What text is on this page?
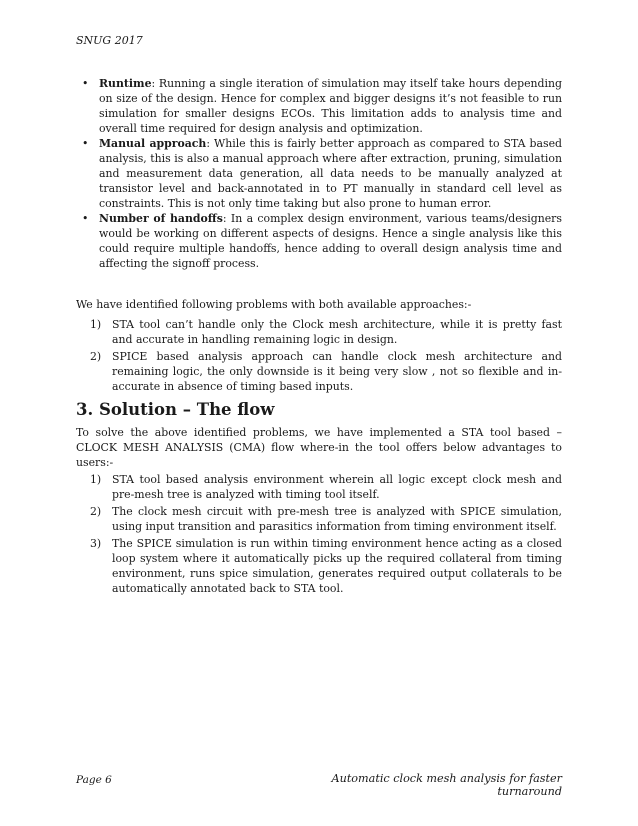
SNUG 2017
• Runtime: Running a single iteration of simulation may itself take hours depending on size of the design. Hence for complex and bigger designs it’s not feasible to run simulation for smaller designs ECOs. This limitation adds to analysis time and overall time required for design analysis and optimization.
• Manual approach: While this is fairly better approach as compared to STA based analysis, this is also a manual approach where after extraction, pruning, simulation and measurement data generation, all data needs to be manually analyzed at transistor level and back-annotated in to PT manually in standard cell level as constraints. This is not only time taking but also prone to human error.
• Number of handoffs: In a complex design environment, various teams/designers would be working on different aspects of designs. Hence a single analysis like this could require multiple handoffs, hence adding to overall design analysis time and affecting the signoff process.

We have identified following problems with both available approaches:-

1) STA tool can’t handle only the Clock mesh architecture, while it is pretty fast and accurate in handling remaining logic in design.
2) SPICE based analysis approach can handle clock mesh architecture and remaining logic, the only downside is it being very slow , not so flexible and in-accurate in absence of timing based inputs.
3. Solution – The flow

To solve the above identified problems, we have implemented a STA tool based – CLOCK MESH ANALYSIS (CMA) flow where-in the tool offers below advantages to users:-

1) STA tool based analysis environment wherein all logic except clock mesh and pre-mesh tree is analyzed with timing tool itself.
2) The clock mesh circuit with pre-mesh tree is analyzed with SPICE simulation, using input transition and parasitics information from timing environment itself.
3) The SPICE simulation is run within timing environment hence acting as a closed loop system where it automatically picks up the required collateral from timing environment, runs spice simulation, generates required output collaterals to be automatically annotated back to STA tool.
Page 6	Automatic clock mesh analysis for faster turnaround
